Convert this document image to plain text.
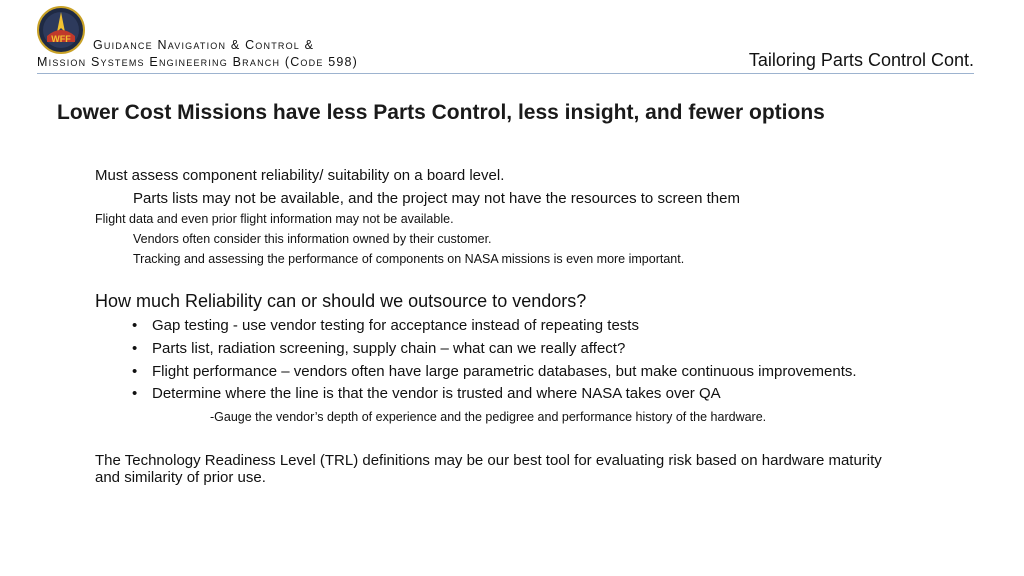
WFF Guidance Navigation & Control &
Mission Systems Engineering Branch (Code 598)	Tailoring Parts Control Cont.
Lower Cost Missions have less Parts Control, less insight, and fewer options
Must assess component reliability/ suitability on a board level.
Parts lists may not be available, and the project may not have the resources to screen them
Flight data and even prior flight information may not be available.
Vendors often consider this information owned by their customer.
Tracking and assessing the performance of components on NASA missions is even more important.
How much Reliability can or should we outsource to vendors?
• Gap testing - use vendor testing for acceptance instead of repeating tests
• Parts list, radiation screening, supply chain – what can we really affect?
• Flight performance – vendors often have large parametric databases, but make continuous improvements.
• Determine where the line is that the vendor is trusted and where NASA takes over QA
-Gauge the vendor’s depth of experience and the pedigree and performance history of the hardware.
The Technology Readiness Level (TRL) definitions may be our best tool for evaluating risk based on hardware maturity
and similarity of prior use.
